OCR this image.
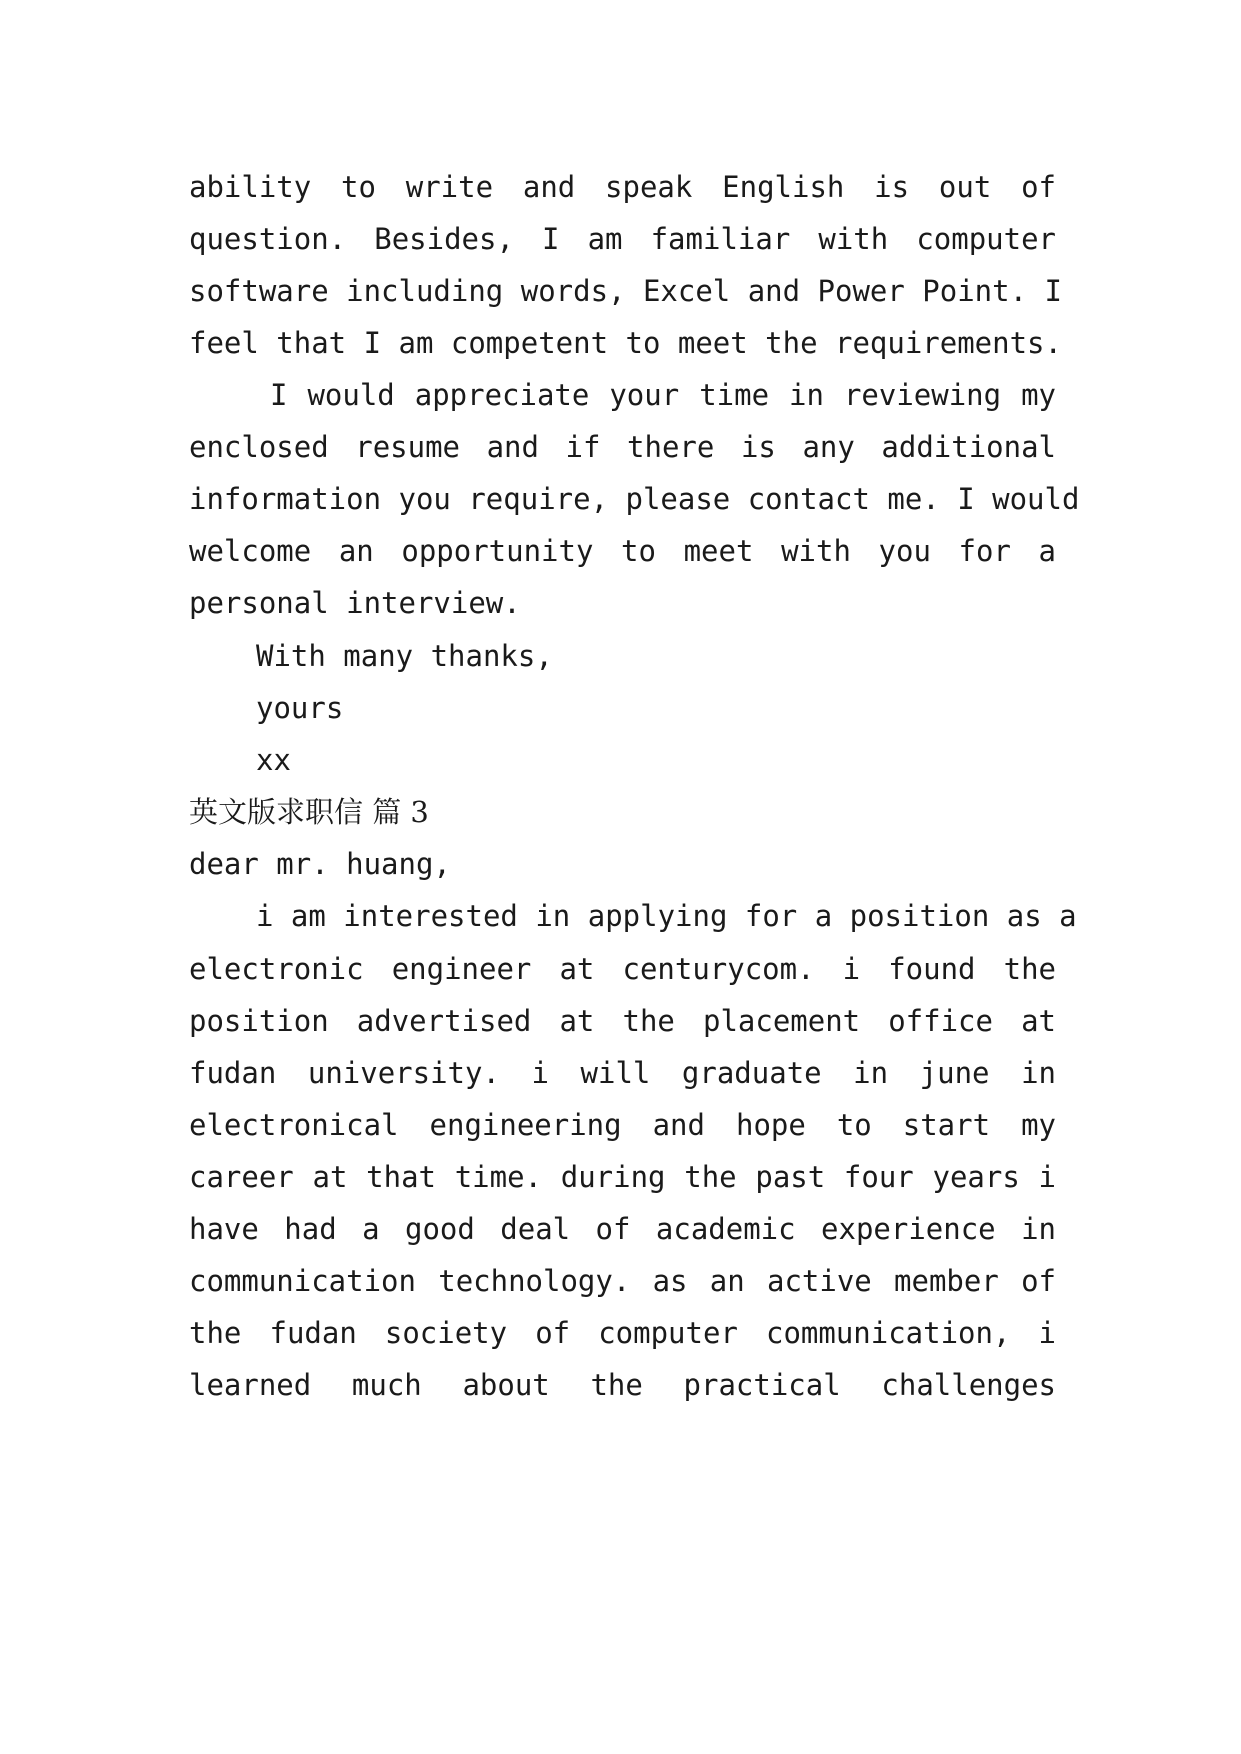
ability to write and speak English is out of
question. Besides, I am familiar with computer
software including words, Excel and Power Point. I
feel that I am competent to meet the requirements.
I would appreciate your time in reviewing my
enclosed resume and if there is any additional
information you require, please contact me. I would
welcome an opportunity to meet with you for a
personal interview.
With many thanks,
yours
xx
英文版求职信 篇 3
dear mr. huang,
i am interested in applying for a position as a
electronic engineer at centurycom. i found the
position advertised at the placement office at
fudan university. i will graduate in june in
electronical engineering and hope to start my
career at that time. during the past four years i
have had a good deal of academic experience in
communication technology. as an active member of
the fudan society of computer communication, i
learned much about the practical challenges
